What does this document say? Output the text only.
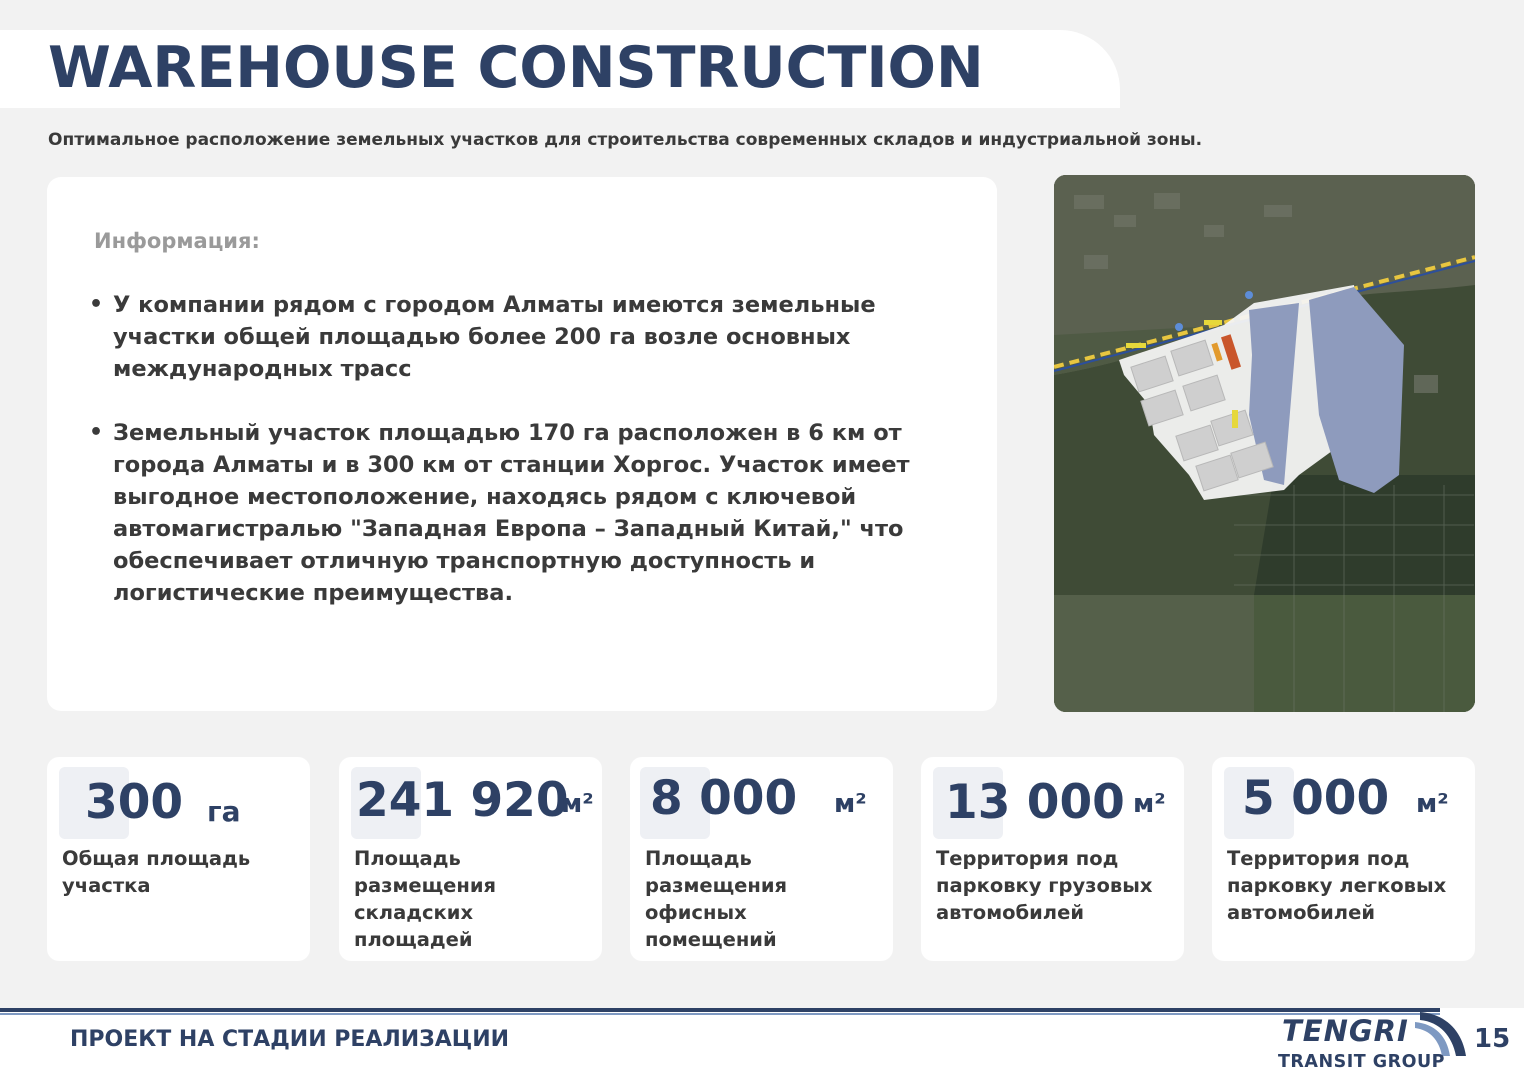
WAREHOUSE CONSTRUCTION
Оптимальное расположение земельных участков для строительства современных складов и индустриальной зоны.
Информация:
• У компании рядом с городом Алматы имеются земельные участки общей площадью более 200 га возле основных международных трасс
• Земельный участок площадью 170 га расположен в 6 км от города Алматы и в 300 км от станции Хоргос. Участок имеет выгодное местоположение, находясь рядом с ключевой автомагистралью "Западная Европа – Западный Китай," что обеспечивает отличную транспортную доступность и логистические преимущества.
300 га
Общая площадь участка
241 920
м²
Площадь размещения складских площадей
8 000 м²
Площадь размещения офисных помещений
13 000 м²
Территория под парковку грузовых автомобилей
5 000 м²
Территория под парковку легковых автомобилей
ПРОЕКТ НА СТАДИИ РЕАЛИЗАЦИИ	TENGRI
TRANSIT GROUP
15
